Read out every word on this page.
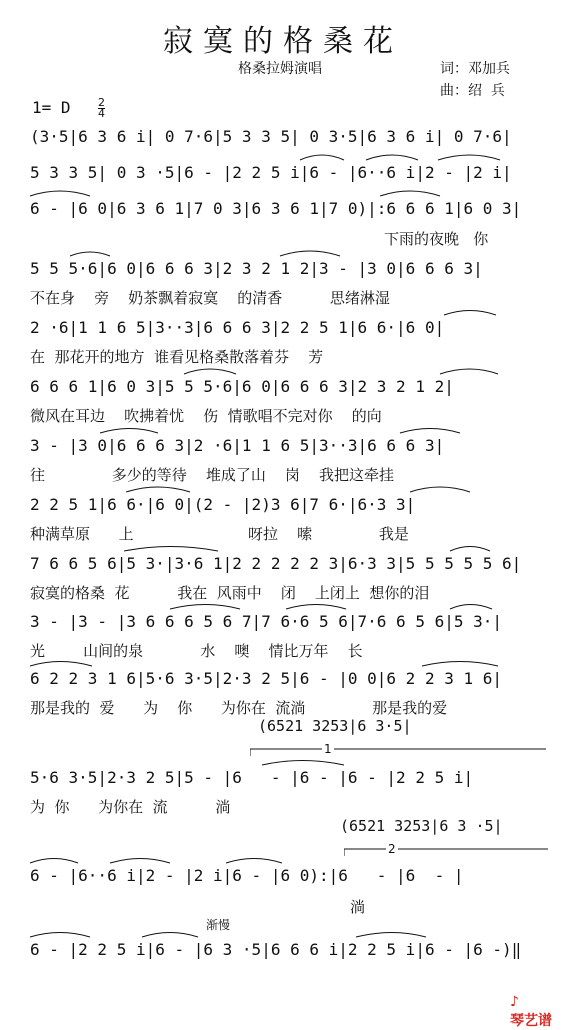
寂寞的格桑花
格桑拉姆演唱	词：邓加兵
曲：绍  兵
1= D 2
4
(3·5|6 3 6 i| 0 7·6|5 3 3 5| 0 3·5|6 3 6 i| 0 7·6|
5 3 3 5| 0 3 ·5|6 - |2 2 5 i|6 - |6··6 i|2 - |2 i|
6 - |6 0|6 3 6 1|7 0 3|6 3 6 1|7 0)|:6 6 6 1|6 0 3|
下雨的夜晚   你
5 5 5·6|6 0|6 6 6 3|2 3 2 1 2|3 - |3 0|6 6 6 3|
不在身    旁    奶茶飘着寂寞    的清香          思绪淋湿
2 ·6|1 1 6 5|3··3|6 6 6 3|2 2 5 1|6 6·|6 0|
在  那花开的地方  谁看见格桑散落着芬    芳
6 6 6 1|6 0 3|5 5 5·6|6 0|6 6 6 3|2 3 2 1 2|
微风在耳边    吹拂着忧    伤  情歌唱不完对你    的向
3 - |3 0|6 6 6 3|2 ·6|1 1 6 5|3··3|6 6 6 3|
往              多少的等待    堆成了山    岗    我把这牵挂
2 2 5 1|6 6·|6 0|(2 - |2)3 6|7 6·|6·3 3|
种满草原      上                        呀拉    嗦              我是
7 6 6 5 6|5 3·|3·6 1|2 2 2 2 2 3|6·3 3|5 5 5 5 5 6|
寂寞的格桑  花          我在  风雨中    闭    上闭上  想你的泪
3 - |3 - |3 6 6 6 5 6 7|7 6·6 5 6|7·6 6 5 6|5 3·|
光        山间的泉            水    噢    情比万年    长
6 2 2 3 1 6|5·6 3·5|2·3 2 5|6 - |0 0|6 2 2 3 1 6|
那是我的  爱      为    你      为你在  流淌              那是我的爱
(6521 3253|6 3·5|
1
5·6 3·5|2·3 2 5|5 - |6   - |6 - |6 - |2 2 5 i|
为  你      为你在  流          淌
(6521 3253|6 3 ·5|
2
6 - |6··6 i|2 - |2 i|6 - |6 0):|6   - |6  - |
淌
渐慢
6 - |2 2 5 i|6 - |6 3 ·5|6 6 6 i|2 2 5 i|6 - |6 -)‖

♪
琴艺谱
